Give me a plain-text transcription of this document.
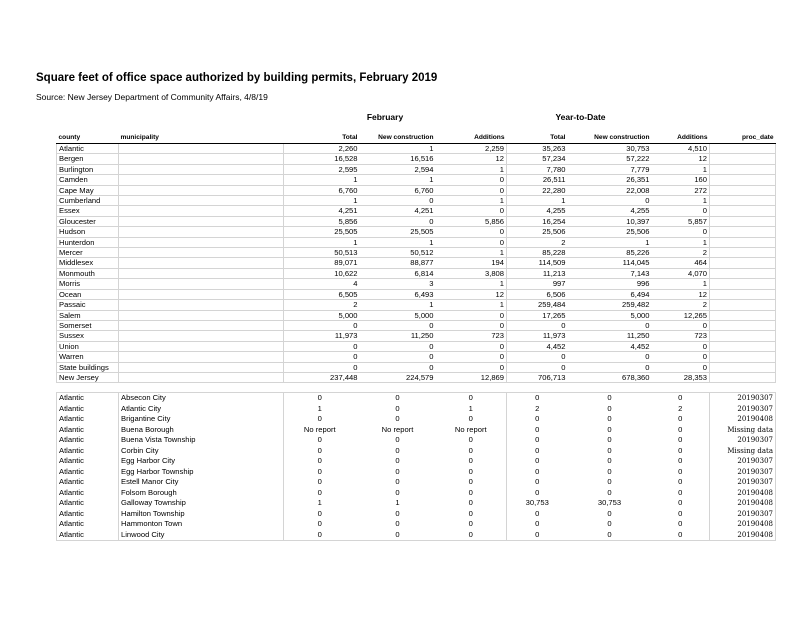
Square feet of office space authorized by building permits, February 2019
Source: New Jersey Department of Community Affairs, 4/8/19
February	Year-to-Date
county	municipality	Total	New construction	Additions	Total	New construction	Additions	proc_date
Atlantic		2,260	1	2,259	35,263	30,753	4,510	
Bergen		16,528	16,516	12	57,234	57,222	12	
Burlington		2,595	2,594	1	7,780	7,779	1	
Camden		1	1	0	26,511	26,351	160	
Cape May		6,760	6,760	0	22,280	22,008	272	
Cumberland		1	0	1	1	0	1	
Essex		4,251	4,251	0	4,255	4,255	0	
Gloucester		5,856	0	5,856	16,254	10,397	5,857	
Hudson		25,505	25,505	0	25,506	25,506	0	
Hunterdon		1	1	0	2	1	1	
Mercer		50,513	50,512	1	85,228	85,226	2	
Middlesex		89,071	88,877	194	114,509	114,045	464	
Monmouth		10,622	6,814	3,808	11,213	7,143	4,070	
Morris		4	3	1	997	996	1	
Ocean		6,505	6,493	12	6,506	6,494	12	
Passaic		2	1	1	259,484	259,482	2	
Salem		5,000	5,000	0	17,265	5,000	12,265	
Somerset		0	0	0	0	0	0	
Sussex		11,973	11,250	723	11,973	11,250	723	
Union		0	0	0	4,452	4,452	0	
Warren		0	0	0	0	0	0	
State buildings		0	0	0	0	0	0	
New Jersey		237,448	224,579	12,869	706,713	678,360	28,353	

Atlantic	Absecon City	0	0	0	0	0	0	20190307
Atlantic	Atlantic City	1	0	1	2	0	2	20190307
Atlantic	Brigantine City	0	0	0	0	0	0	20190408
Atlantic	Buena Borough	No report	No report	No report	0	0	0	Missing data
Atlantic	Buena Vista Township	0	0	0	0	0	0	20190307
Atlantic	Corbin City	0	0	0	0	0	0	Missing data
Atlantic	Egg Harbor City	0	0	0	0	0	0	20190307
Atlantic	Egg Harbor Township	0	0	0	0	0	0	20190307
Atlantic	Estell Manor City	0	0	0	0	0	0	20190307
Atlantic	Folsom Borough	0	0	0	0	0	0	20190408
Atlantic	Galloway Township	1	1	0	30,753	30,753	0	20190408
Atlantic	Hamilton Township	0	0	0	0	0	0	20190307
Atlantic	Hammonton Town	0	0	0	0	0	0	20190408
Atlantic	Linwood City	0	0	0	0	0	0	20190408
